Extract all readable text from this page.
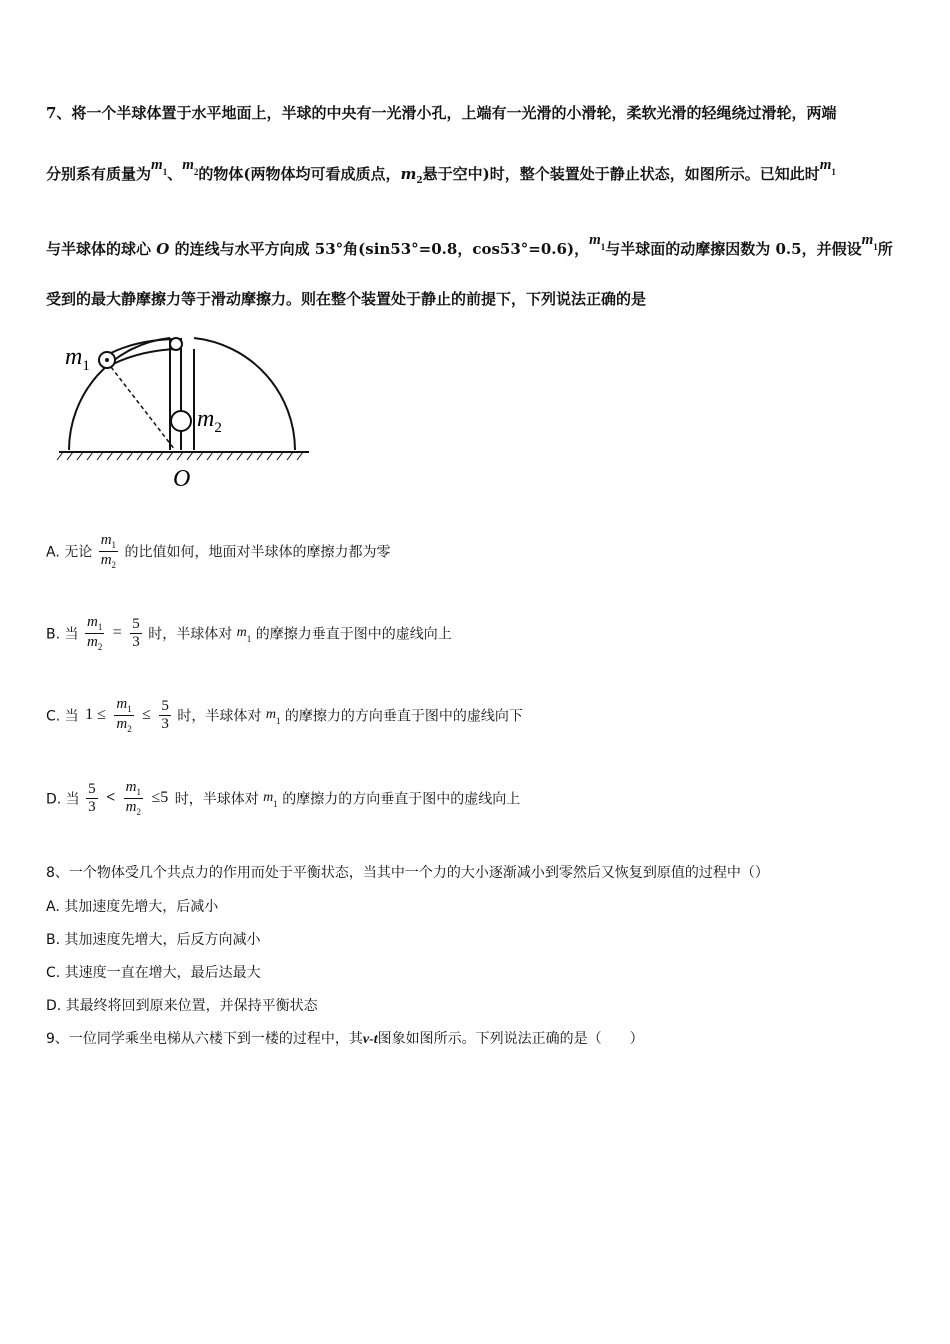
7、将一个半球体置于水平地面上，半球的中央有一光滑小孔，上端有一光滑的小滑轮，柔软光滑的轻绳绕过滑轮，两端
分别系有质量为$m_1$、$m_2$的物体(两物体均可看成质点，$m_2$悬于空中)时，整个装置处于静止状态，如图所示。已知此时$m_1$
与半球体的球心 O 的连线与水平方向成 53°角(sin53°=0.8，cos53°=0.6)，$m_1$与半球面的动摩擦因数为 0.5，并假设$m_1$所
受到的最大静摩擦力等于滑动摩擦力。则在整个装置处于静止的前提下，下列说法正确的是
$m_1$
$m_2$
O
A. 无论 $\frac{m_1}{m_2}$ 的比值如何，地面对半球体的摩擦力都为零
B. 当 $\frac{m_1}{m_2} = \frac{5}{3}$ 时，半球体对 $m_1$ 的摩擦力垂直于图中的虚线向上
C. 当 $1 \le \frac{m_1}{m_2} \le \frac{5}{3}$ 时，半球体对 $m_1$ 的摩擦力的方向垂直于图中的虚线向下
D. 当 $\frac{5}{3} < \frac{m_1}{m_2} \le 5$ 时，半球体对 $m_1$ 的摩擦力的方向垂直于图中的虚线向上
8、一个物体受几个共点力的作用而处于平衡状态，当其中一个力的大小逐渐减小到零然后又恢复到原值的过程中（）
A. 其加速度先增大，后减小
B. 其加速度先增大，后反方向减小
C. 其速度一直在增大，最后达最大
D. 其最终将回到原来位置，并保持平衡状态
9、一位同学乘坐电梯从六楼下到一楼的过程中，其v-t图象如图所示。下列说法正确的是（　　）
